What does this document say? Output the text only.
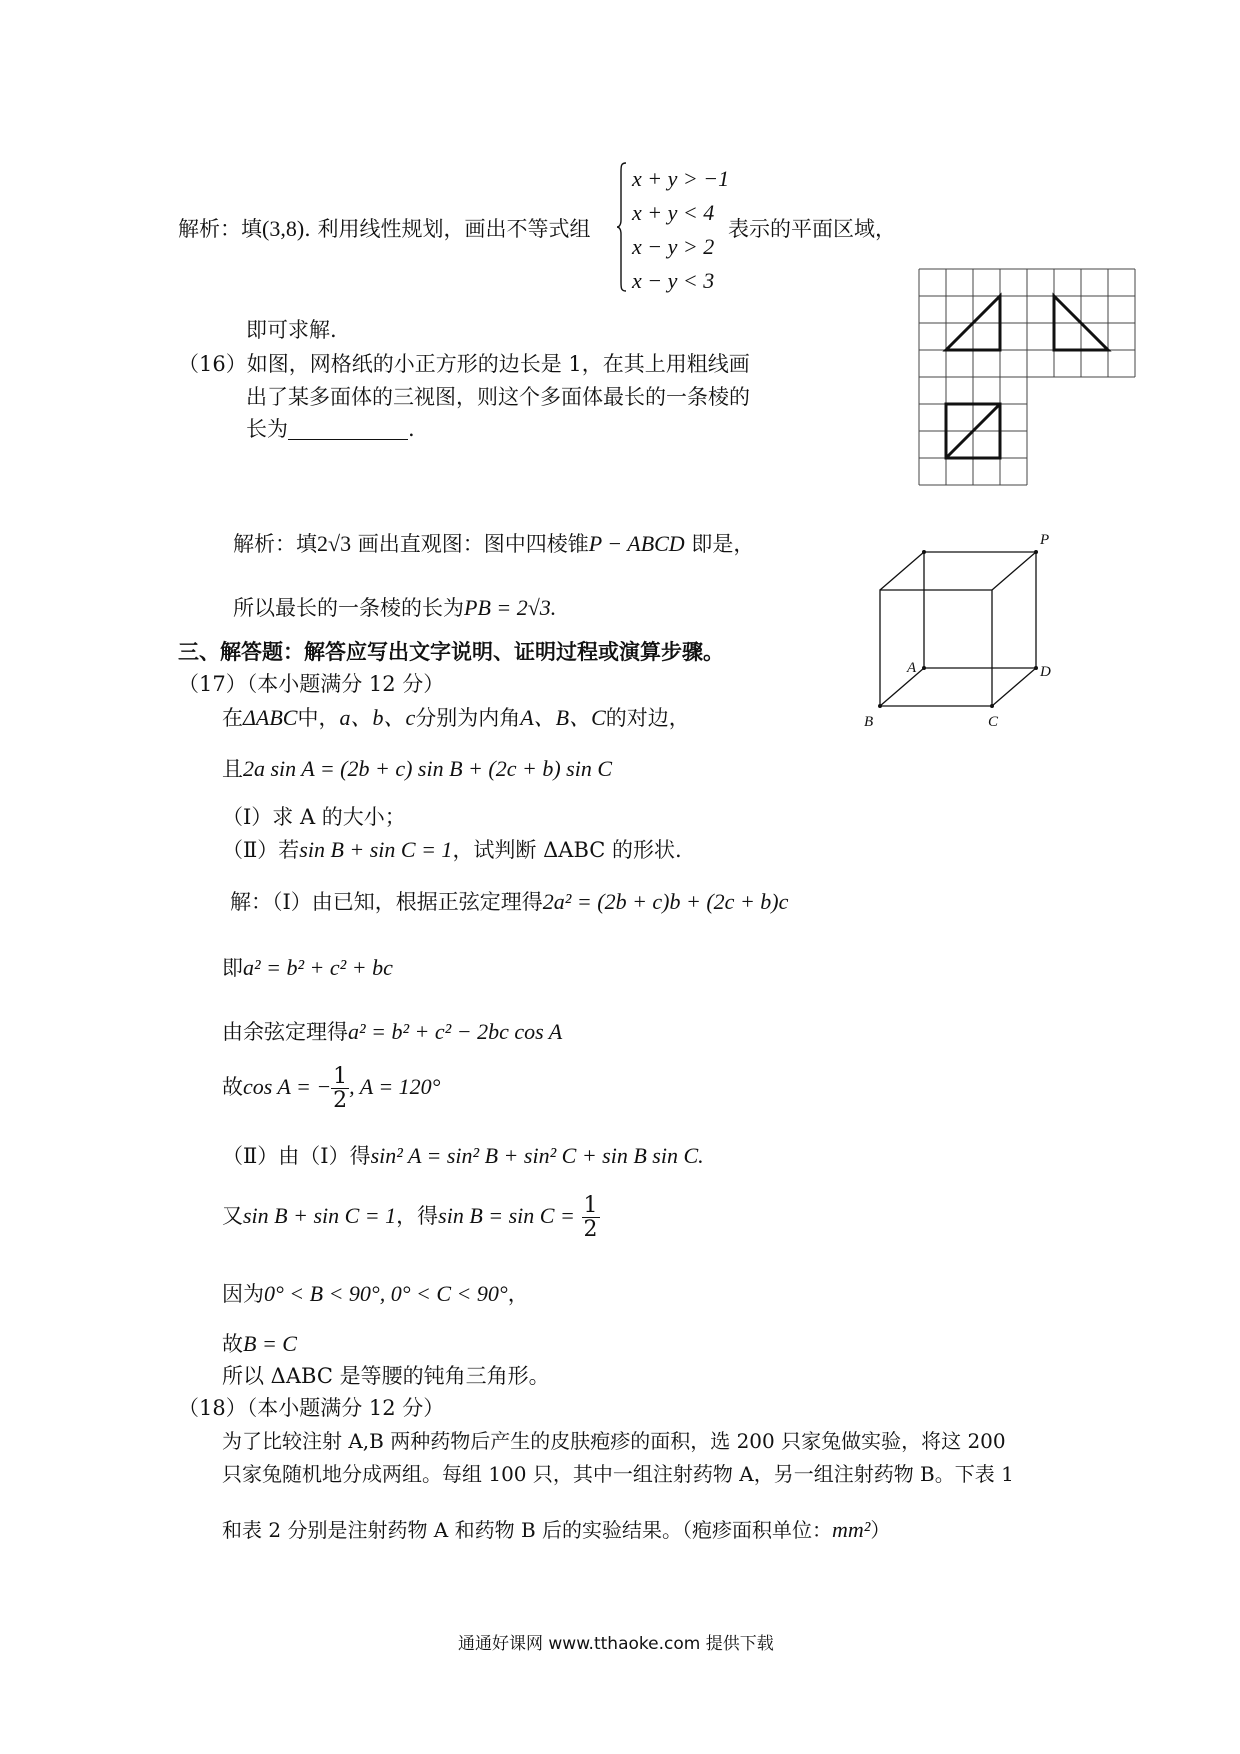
解析：填(3,8). 利用线性规划，画出不等式组
x + y > −1
x + y < 4
x − y > 2
x − y < 3
表示的平面区域，
即可求解.
（16）如图，网格纸的小正方形的边长是 1，在其上用粗线画
出了某多面体的三视图，则这个多面体最长的一条棱的
长为	.
解析：填2√3 画出直观图：图中四棱锥P − ABCD 即是，
所以最长的一条棱的长为PB = 2√3.
P
A	D
B	C
三、解答题：解答应写出文字说明、证明过程或演算步骤。
（17）（本小题满分 12 分）
在ΔABC中，a、b、c分别为内角A、B、C的对边，
且2a sin A = (2b + c) sin B + (2c + b) sin C
（Ⅰ）求 A 的大小；
（Ⅱ）若sin B + sin C = 1，试判断 ΔABC 的形状.
解：（Ⅰ）由已知，根据正弦定理得2a² = (2b + c)b + (2c + b)c
即a² = b² + c² + bc
由余弦定理得a² = b² + c² − 2bc cos A
故cos A = − $\frac{1}{2}$ , A = 120°
（Ⅱ）由（Ⅰ）得sin² A = sin² B + sin² C + sin B sin C.
又sin B + sin C = 1，得$\sin B = \sin C = \frac{1}{2}$
因为0° < B < 90°, 0° < C < 90°，
故B = C
所以 ΔABC 是等腰的钝角三角形。
（18）（本小题满分 12 分）
为了比较注射 A,B 两种药物后产生的皮肤疱疹的面积，选 200 只家兔做实验，将这 200
只家兔随机地分成两组。每组 100 只，其中一组注射药物 A，另一组注射药物 B。下表 1
和表 2 分别是注射药物 A 和药物 B 后的实验结果。（疱疹面积单位：mm²）
通通好课网 www.tthaoke.com 提供下载
